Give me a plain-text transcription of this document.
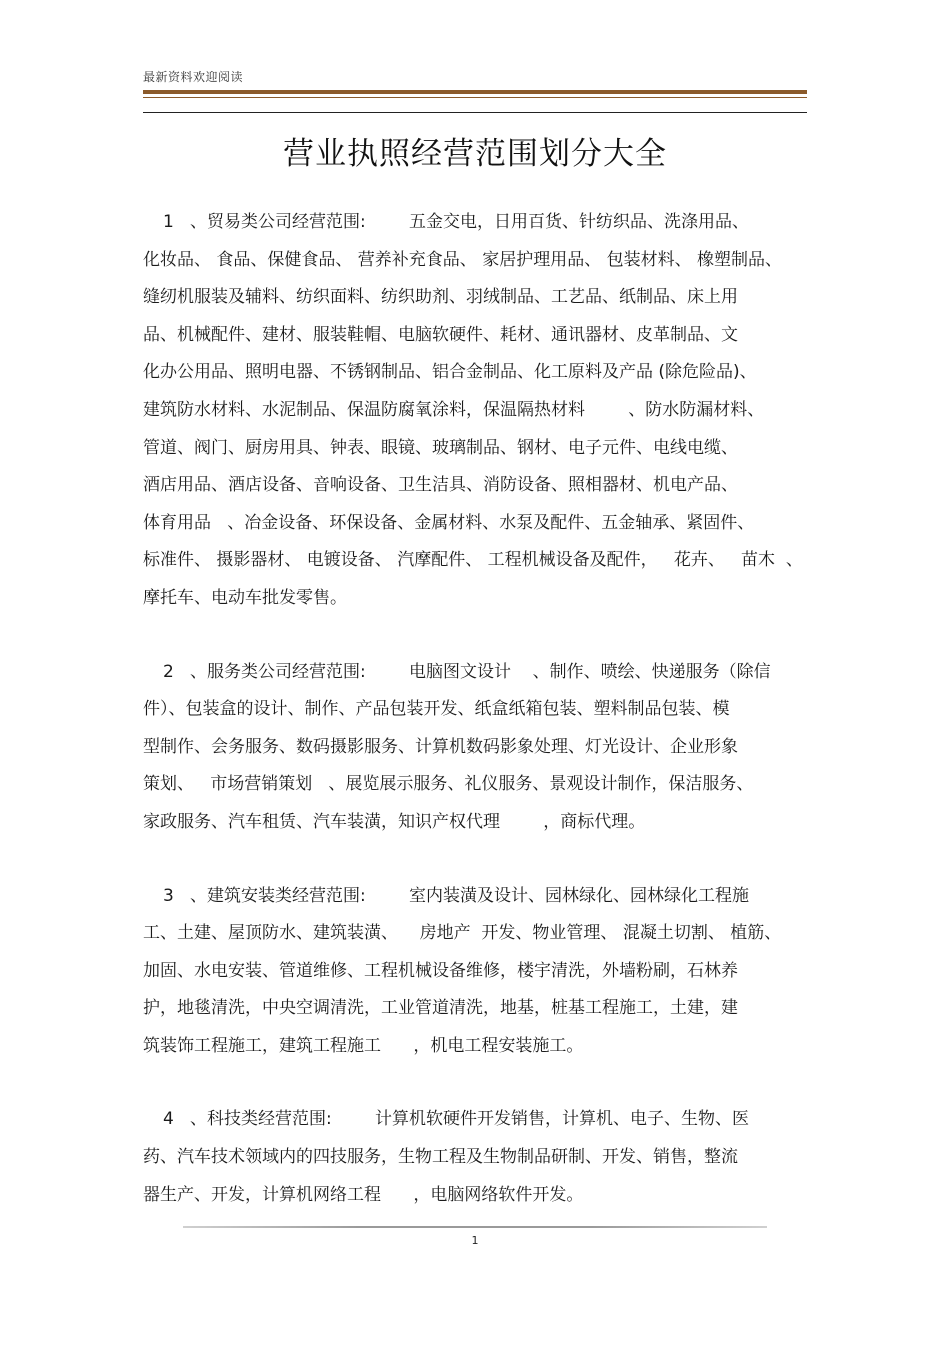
最新资料欢迎阅读
营业执照经营范围划分大全
1   、贸易类公司经营范围:        五金交电，日用百货、针纺织品、洗涤用品、
化妆品、 食品、保健食品、 营养补充食品、 家居护理用品、 包装材料、 橡塑制品、
缝纫机服装及辅料、纺织面料、纺织助剂、羽绒制品、工艺品、纸制品、床上用
品、机械配件、建材、服装鞋帽、电脑软硬件、耗材、通讯器材、皮革制品、文
化办公用品、照明电器、不锈钢制品、铝合金制品、化工原料及产品 (除危险品)、
建筑防水材料、水泥制品、保温防腐氧涂料，保温隔热材料        、防水防漏材料、
管道、阀门、厨房用具、钟表、眼镜、玻璃制品、钢材、电子元件、电线电缆、
酒店用品、酒店设备、音响设备、卫生洁具、消防设备、照相器材、机电产品、
体育用品   、冶金设备、环保设备、金属材料、水泵及配件、五金轴承、紧固件、
标准件、 摄影器材、 电镀设备、 汽摩配件、 工程机械设备及配件，   花卉、   苗木  、
摩托车、电动车批发零售。
2   、服务类公司经营范围:        电脑图文设计    、制作、喷绘、快递服务（除信
件）、包装盒的设计、制作、产品包装开发、纸盒纸箱包装、塑料制品包装、模
型制作、会务服务、数码摄影服务、计算机数码影象处理、灯光设计、企业形象
策划、   市场营销策划   、展览展示服务、礼仪服务、景观设计制作，保洁服务、
家政服务、汽车租赁、汽车装潢，知识产权代理        ，商标代理。
3   、建筑安装类经营范围:        室内装潢及设计、园林绿化、园林绿化工程施
工、土建、屋顶防水、建筑装潢、    房地产  开发、物业管理、 混凝土切割、 植筋、
加固、水电安装、管道维修、工程机械设备维修，楼宇清洗，外墙粉刷，石林养
护，地毯清洗，中央空调清洗，工业管道清洗，地基，桩基工程施工，土建，建
筑装饰工程施工，建筑工程施工      ，机电工程安装施工。
4   、科技类经营范围:        计算机软硬件开发销售，计算机、电子、生物、医
药、汽车技术领域内的四技服务，生物工程及生物制品研制、开发、销售，整流
器生产、开发，计算机网络工程      ，电脑网络软件开发。
1
